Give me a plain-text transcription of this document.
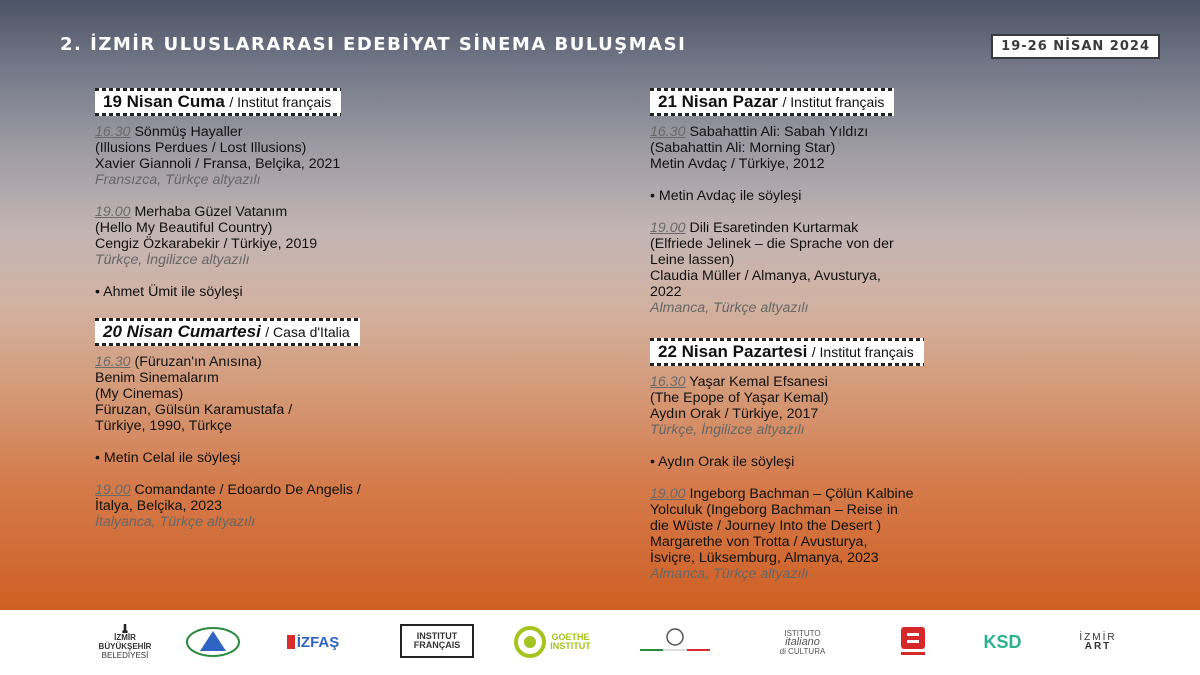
2. İZMİR ULUSLARARASI EDEBİYAT SİNEMA BULUŞMASI	19-26 NİSAN 2024
19 Nisan Cuma / Institut français
16.30 Sönmüş Hayaller
(Illusions Perdues / Lost Illusions)
Xavier Giannoli / Fransa, Belçika, 2021
Fransızca, Türkçe altyazılı
19.00 Merhaba Güzel Vatanım
(Hello My Beautiful Country)
Cengiz Özkarabekir / Türkiye, 2019
Türkçe, İngilizce altyazılı
• Ahmet Ümit ile söyleşi
20 Nisan Cumartesi / Casa d'Italia
16.30 (Füruzan'ın Anısına)
Benim Sinemalarım
(My Cinemas)
Füruzan, Gülsün Karamustafa /
Türkiye, 1990, Türkçe
• Metin Celal ile söyleşi
19.00 Comandante / Edoardo De Angelis /
İtalya, Belçika, 2023
İtalyanca, Türkçe altyazılı
21 Nisan Pazar / Institut français
16.30 Sabahattin Ali: Sabah Yıldızı
(Sabahattin Ali: Morning Star)
Metin Avdaç / Türkiye, 2012
• Metin Avdaç ile söyleşi
19.00 Dili Esaretinden Kurtarmak
(Elfriede Jelinek – die Sprache von der
Leine lassen)
Claudia Müller / Almanya, Avusturya,
2022
Almanca, Türkçe altyazılı
22 Nisan Pazartesi / Institut français
16.30 Yaşar Kemal Efsanesi
(The Epope of Yaşar Kemal)
Aydın Orak / Türkiye, 2017
Türkçe, İngilizce altyazılı
• Aydın Orak ile söyleşi
19.00 Ingeborg Bachman – Çölün Kalbine
Yolculuk (Ingeborg Bachman – Reise in
die Wüste / Journey Into the Desert )
Margarethe von Trotta / Avusturya,
İsviçre, Lüksemburg, Almanya, 2023
Almanca, Türkçe altyazılı
İZMİR
BÜYÜKŞEHİR
BELEDİYESİ
İZFAŞ	INSTITUT
FRANÇAIS
GOETHE
INSTITUT
ISTITUTO
italiano
di CULTURA	KSD	İZMİR
ART
